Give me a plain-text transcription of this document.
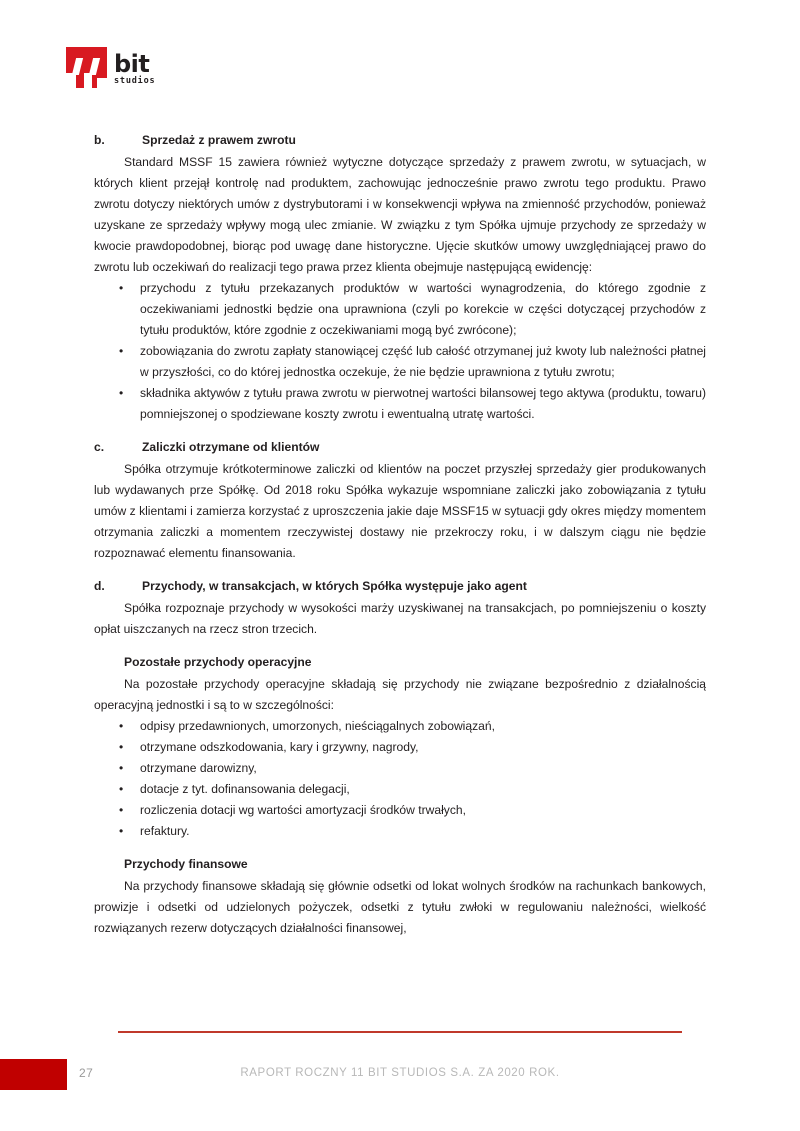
bit
studios
b.	Sprzedaż z prawem zwrotu

Standard MSSF 15 zawiera również wytyczne dotyczące sprzedaży z prawem zwrotu, w sytuacjach, w których klient przejął kontrolę nad produktem, zachowując jednocześnie prawo zwrotu tego produktu. Prawo zwrotu dotyczy niektórych umów z dystrybutorami i w konsekwencji wpływa na zmienność przychodów, ponieważ uzyskane ze sprzedaży wpływy mogą ulec zmianie. W związku z tym Spółka ujmuje przychody ze sprzedaży w kwocie prawdopodobnej, biorąc pod uwagę dane historyczne. Ujęcie skutków umowy uwzględniającej prawo do zwrotu lub oczekiwań do realizacji tego prawa przez klienta obejmuje następującą ewidencję:

• przychodu z tytułu przekazanych produktów w wartości wynagrodzenia, do którego zgodnie z oczekiwaniami jednostki będzie ona uprawniona (czyli po korekcie w części dotyczącej przychodów z tytułu produktów, które zgodnie z oczekiwaniami mogą być zwrócone);
• zobowiązania do zwrotu zapłaty stanowiącej część lub całość otrzymanej już kwoty lub należności płatnej w przyszłości, co do której jednostka oczekuje, że nie będzie uprawniona z tytułu zwrotu;
• składnika aktywów z tytułu prawa zwrotu w pierwotnej wartości bilansowej tego aktywa (produktu, towaru) pomniejszonej o spodziewane koszty zwrotu i ewentualną utratę wartości.
c.	Zaliczki otrzymane od klientów

Spółka otrzymuje krótkoterminowe zaliczki od klientów na poczet przyszłej sprzedaży gier produkowanych lub wydawanych prze Spółkę. Od 2018 roku Spółka wykazuje wspomniane zaliczki jako zobowiązania z tytułu umów z klientami i zamierza korzystać z uproszczenia jakie daje MSSF15 w sytuacji gdy okres między momentem otrzymania zaliczki a momentem rzeczywistej dostawy nie przekroczy roku, i w dalszym ciągu nie będzie rozpoznawać elementu finansowania.

d.	Przychody, w transakcjach, w których Spółka występuje jako agent

Spółka rozpoznaje przychody w wysokości marży uzyskiwanej na transakcjach, po pomniejszeniu o koszty opłat uiszczanych na rzecz stron trzecich.

Pozostałe przychody operacyjne

Na pozostałe przychody operacyjne składają się przychody nie związane bezpośrednio z działalnością operacyjną jednostki i są to w szczególności:

• odpisy przedawnionych, umorzonych, nieściągalnych zobowiązań,
• otrzymane odszkodowania, kary i grzywny, nagrody,
• otrzymane darowizny,
• dotacje z tyt. dofinansowania delegacji,
• rozliczenia dotacji wg wartości amortyzacji środków trwałych,
• refaktury.
Przychody finansowe

Na przychody finansowe składają się głównie odsetki od lokat wolnych środków na rachunkach bankowych, prowizje i odsetki od udzielonych pożyczek, odsetki z tytułu zwłoki w regulowaniu należności, wielkość rozwiązanych rezerw dotyczących działalności finansowej,

27	RAPORT ROCZNY 11 BIT STUDIOS S.A. ZA 2020 ROK.
